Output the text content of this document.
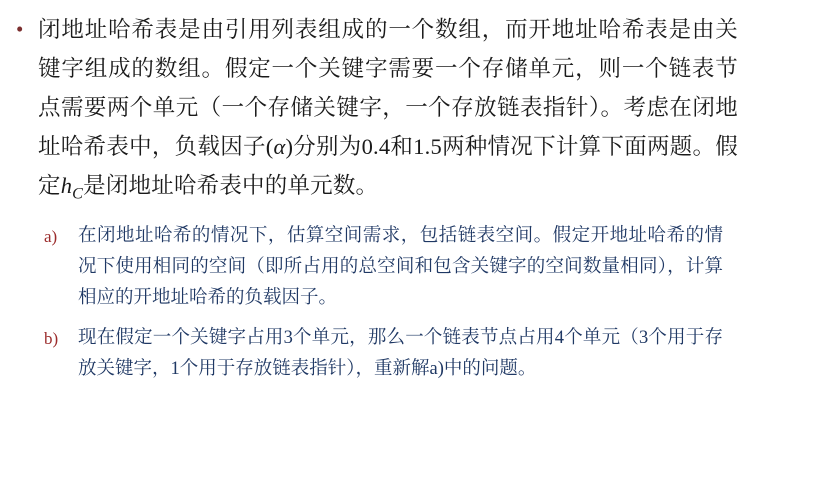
• 闭地址哈希表是由引用列表组成的一个数组，而开地址哈希表是由关键字组成的数组。假定一个关键字需要一个存储单元，则一个链表节点需要两个单元（一个存储关键字，一个存放链表指针）。考虑在闭地址哈希表中，负载因子(α)分别为0.4和1.5两种情况下计算下面两题。假定$h_C$是闭地址哈希表中的单元数。
a)	在闭地址哈希的情况下，估算空间需求，包括链表空间。假定开地址哈希的情况下使用相同的空间（即所占用的总空间和包含关键字的空间数量相同），计算相应的开地址哈希的负载因子。
b)	现在假定一个关键字占用3个单元，那么一个链表节点占用4个单元（3个用于存放关键字，1个用于存放链表指针），重新解a)中的问题。
